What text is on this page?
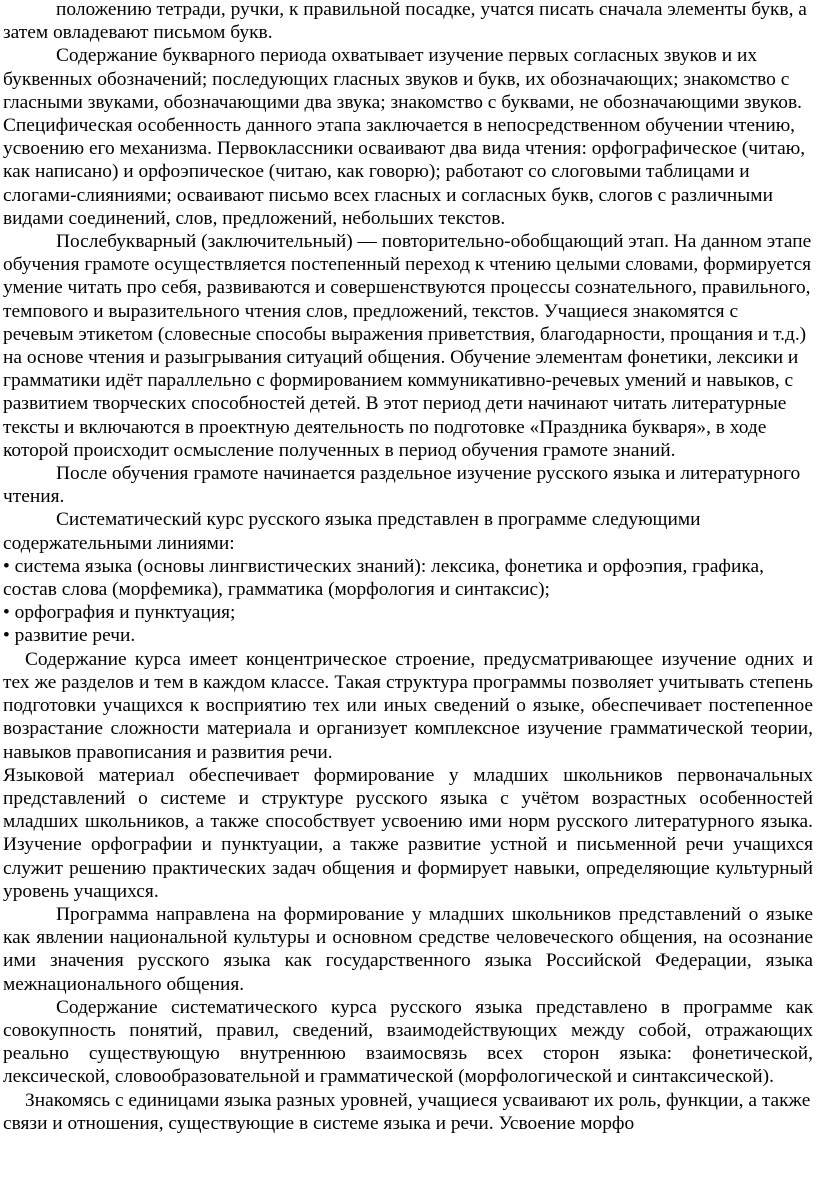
положению тетради, ручки, к правильной посадке, учатся писать сначала элементы букв, а затем овладевают письмом букв.

Содержание букварного периода охватывает изучение первых согласных звуков и их буквенных обозначений; последующих гласных звуков и букв, их обозначающих; знакомство с гласными звуками, обозначающими два звука; знакомство с буквами, не обозначающими звуков. Специфическая особенность данного этапа заключается в непосредственном обучении чтению, усвоению его механизма. Первоклассники осваивают два вида чтения: орфографическое (читаю, как написано) и орфоэпическое (читаю, как говорю); работают со слоговыми таблицами и слогами-слияниями; осваивают письмо всех гласных и согласных букв, слогов с различными видами соединений, слов, предложений, небольших текстов.

Послебукварный (заключительный) — повторительно-обобщающий этап. На данном этапе обучения грамоте осуществляется постепенный переход к чтению целыми словами, формируется умение читать про себя, развиваются и совершенствуются процессы сознательного, правильного, темпового и выразительного чтения слов, предложений, текстов. Учащиеся знакомятся с речевым этикетом (словесные способы выражения приветствия, благодарности, прощания и т.д.) на основе чтения и разыгрывания ситуаций общения. Обучение элементам фонетики, лексики и грамматики идёт параллельно с формированием коммуникативно-речевых умений и навыков, с развитием творческих способностей детей. В этот период дети начинают читать литературные тексты и включаются в проектную деятельность по подготовке «Праздника букваря», в ходе которой происходит осмысление полученных в период обучения грамоте знаний.

После обучения грамоте начинается раздельное изучение русского языка и литературного чтения.

Систематический курс русского языка представлен в программе следующими содержательными линиями:

• система языка (основы лингвистических знаний): лексика, фонетика и орфоэпия, графика, состав слова (морфемика), грамматика (морфология и синтаксис);

• орфография и пунктуация;

• развитие речи.

Содержание курса имеет концентрическое строение, предусматривающее изучение одних и тех же разделов и тем в каждом классе. Такая структура программы позволяет учитывать степень подготовки учащихся к восприятию тех или иных сведений о языке, обеспечивает постепенное возрастание сложности материала и организует комплексное изучение грамматической теории, навыков правописания и развития речи.

Языковой материал обеспечивает формирование у младших школьников первоначальных представлений о системе и структуре русского языка с учётом возрастных особенностей младших школьников, а также способствует усвоению ими норм русского литературного языка. Изучение орфографии и пунктуации, а также развитие устной и письменной речи учащихся служит решению практических задач общения и формирует навыки, определяющие культурный уровень учащихся.

Программа направлена на формирование у младших школьников представлений о языке как явлении национальной культуры и основном средстве человеческого общения, на осознание ими значения русского языка как государственного языка Российской Федерации, языка межнационального общения.

Содержание систематического курса русского языка представлено в программе как совокупность понятий, правил, сведений, взаимодействующих между собой, отражающих реально существующую внутреннюю взаимосвязь всех сторон языка: фонетической, лексической, словообразовательной и грамматической (морфологической и синтаксической).

Знакомясь с единицами языка разных уровней, учащиеся усваивают их роль, функции, а также связи и отношения, существующие в системе языка и речи. Усвоение морфо
